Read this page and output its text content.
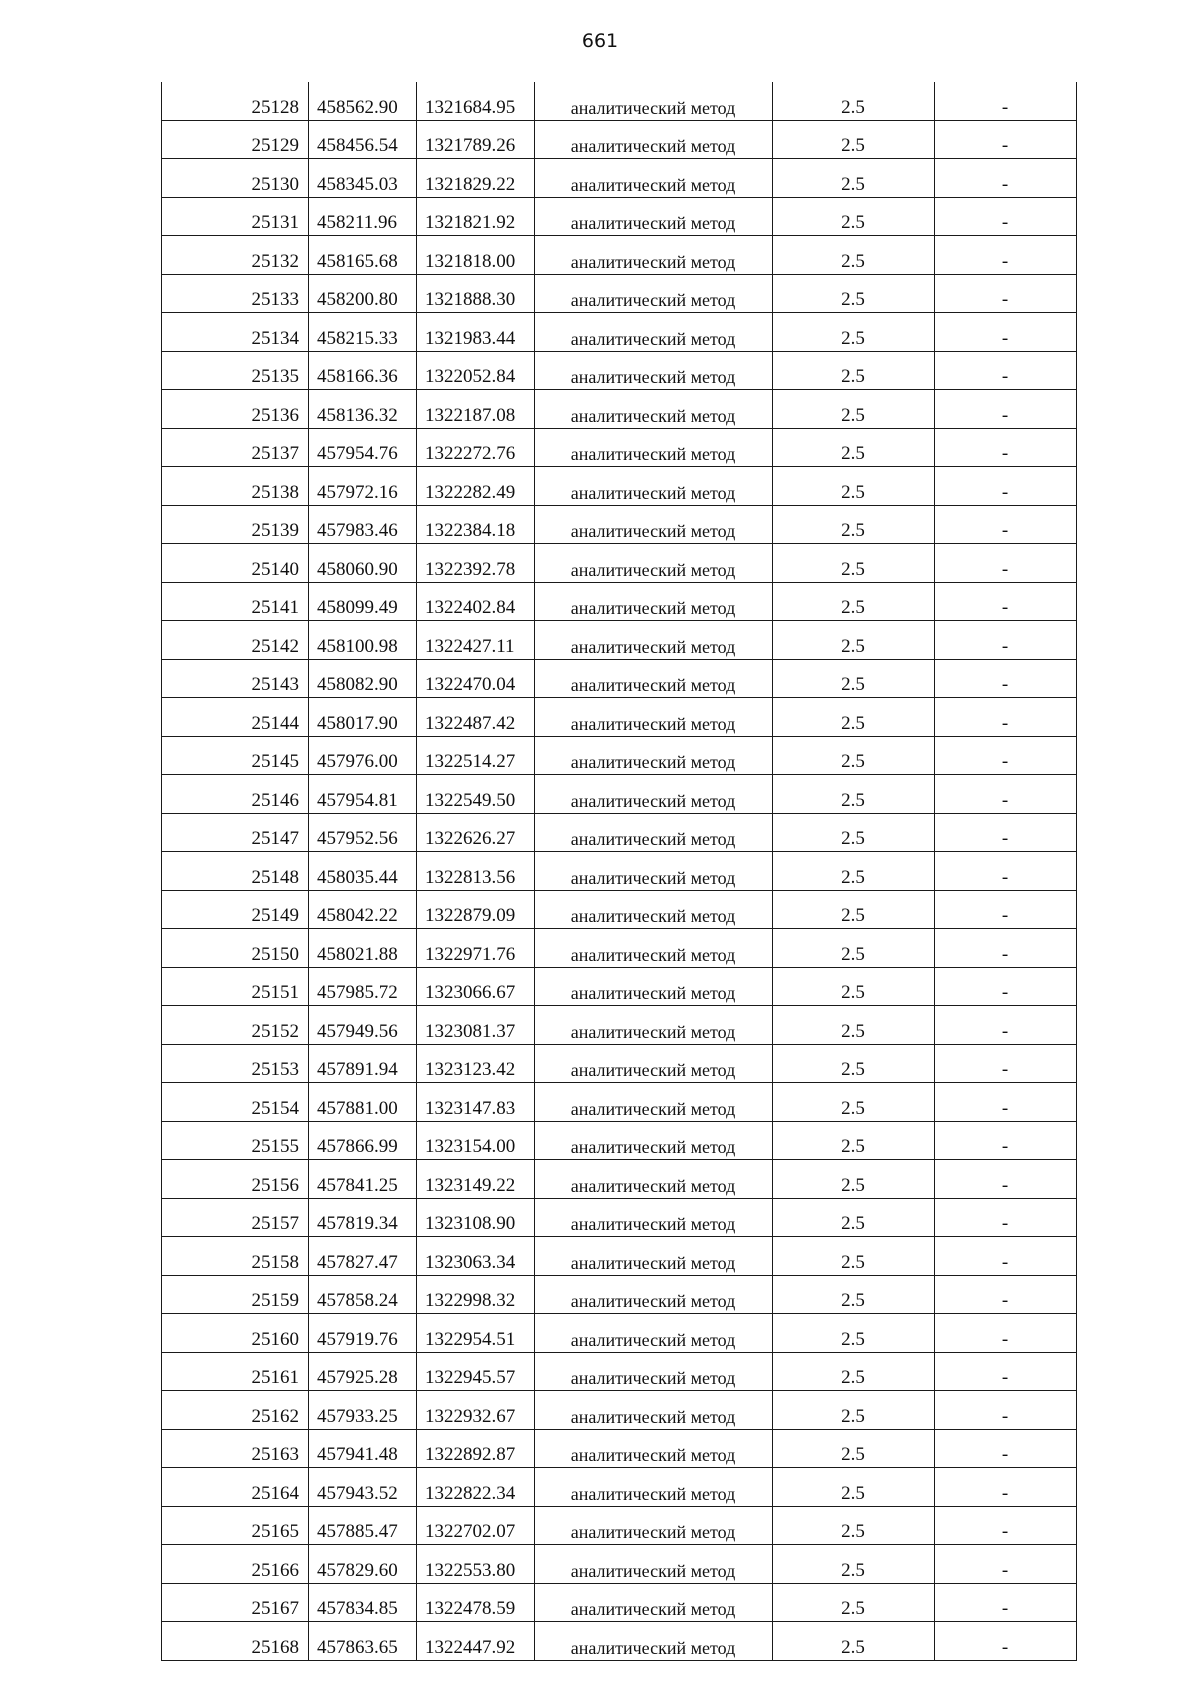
661
25128	458562.90	1321684.95	аналитический метод	2.5	-
25129	458456.54	1321789.26	аналитический метод	2.5	-
25130	458345.03	1321829.22	аналитический метод	2.5	-
25131	458211.96	1321821.92	аналитический метод	2.5	-
25132	458165.68	1321818.00	аналитический метод	2.5	-
25133	458200.80	1321888.30	аналитический метод	2.5	-
25134	458215.33	1321983.44	аналитический метод	2.5	-
25135	458166.36	1322052.84	аналитический метод	2.5	-
25136	458136.32	1322187.08	аналитический метод	2.5	-
25137	457954.76	1322272.76	аналитический метод	2.5	-
25138	457972.16	1322282.49	аналитический метод	2.5	-
25139	457983.46	1322384.18	аналитический метод	2.5	-
25140	458060.90	1322392.78	аналитический метод	2.5	-
25141	458099.49	1322402.84	аналитический метод	2.5	-
25142	458100.98	1322427.11	аналитический метод	2.5	-
25143	458082.90	1322470.04	аналитический метод	2.5	-
25144	458017.90	1322487.42	аналитический метод	2.5	-
25145	457976.00	1322514.27	аналитический метод	2.5	-
25146	457954.81	1322549.50	аналитический метод	2.5	-
25147	457952.56	1322626.27	аналитический метод	2.5	-
25148	458035.44	1322813.56	аналитический метод	2.5	-
25149	458042.22	1322879.09	аналитический метод	2.5	-
25150	458021.88	1322971.76	аналитический метод	2.5	-
25151	457985.72	1323066.67	аналитический метод	2.5	-
25152	457949.56	1323081.37	аналитический метод	2.5	-
25153	457891.94	1323123.42	аналитический метод	2.5	-
25154	457881.00	1323147.83	аналитический метод	2.5	-
25155	457866.99	1323154.00	аналитический метод	2.5	-
25156	457841.25	1323149.22	аналитический метод	2.5	-
25157	457819.34	1323108.90	аналитический метод	2.5	-
25158	457827.47	1323063.34	аналитический метод	2.5	-
25159	457858.24	1322998.32	аналитический метод	2.5	-
25160	457919.76	1322954.51	аналитический метод	2.5	-
25161	457925.28	1322945.57	аналитический метод	2.5	-
25162	457933.25	1322932.67	аналитический метод	2.5	-
25163	457941.48	1322892.87	аналитический метод	2.5	-
25164	457943.52	1322822.34	аналитический метод	2.5	-
25165	457885.47	1322702.07	аналитический метод	2.5	-
25166	457829.60	1322553.80	аналитический метод	2.5	-
25167	457834.85	1322478.59	аналитический метод	2.5	-
25168	457863.65	1322447.92	аналитический метод	2.5	-
